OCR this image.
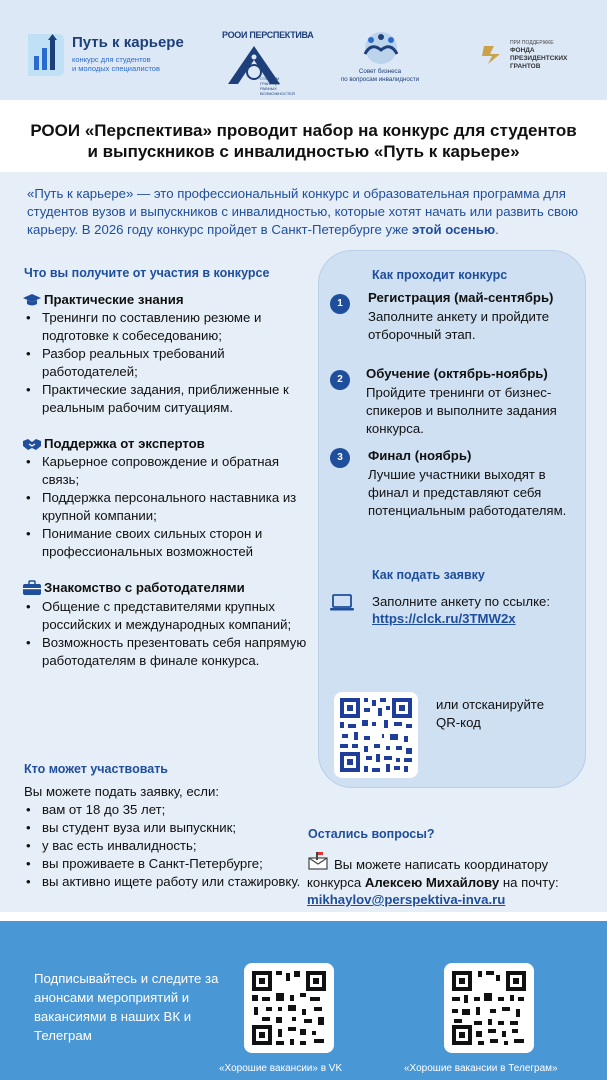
Путь к карьере
конкурс для студентов
и молодых специалистов
РООИ ПЕРСПЕКТИВА
СТИРАЕМ ГРАНИЦЫ РАВНЫХ ВОЗМОЖНОСТЕЙ
Совет бизнеса
по вопросам инвалидности
ПРИ ПОДДЕРЖКЕ
ФОНДА
ПРЕЗИДЕНТСКИХ
ГРАНТОВ
РООИ «Перспектива» проводит набор на конкурс для студентов
и выпускников с инвалидностью «Путь к карьере»
«Путь к карьере» — это профессиональный конкурс и образовательная программа для студентов вузов и выпускников с инвалидностью, которые хотят начать или развить свою карьеру. В 2026 году конкурс пройдет в Санкт-Петербурге уже этой осенью.
Что вы получите от участия в конкурсе
Практические знания
• Тренинги по составлению резюме и подготовке к собеседованию;
• Разбор реальных требований работодателей;
• Практические задания, приближенные к реальным рабочим ситуациям.
Поддержка от экспертов
• Карьерное сопровождение и обратная связь;
• Поддержка персонального наставника из крупной компании;
• Понимание своих сильных сторон и профессиональных возможностей
Знакомство с работодателями
• Общение с представителями крупных российских и международных компаний;
• Возможность презентовать себя напрямую работодателям в финале конкурса.
Как проходит конкурс
1	Регистрация (май-сентябрь)
Заполните анкету и пройдите отборочный этап.
2	Обучение (октябрь-ноябрь)
Пройдите тренинги от бизнес-спикеров и выполните задания конкурса.
3	Финал (ноябрь)
Лучшие участники выходят в финал и представляют себя потенциальным работодателям.
Как подать заявку
Заполните анкету по ссылке:
https://clck.ru/3TMW2x
или отсканируйте QR-код
Кто может участвовать
Вы можете подать заявку, если:
• вам от 18 до 35 лет;
• вы студент вуза или выпускник;
• у вас есть инвалидность;
• вы проживаете в Санкт-Петербурге;
• вы активно ищете работу или стажировку.
Остались вопросы?
Вы можете написать координатору
конкурса Алексею Михайлову на почту:
mikhaylov@perspektiva-inva.ru
Подписывайтесь и следите за анонсами мероприятий и вакансиями в наших ВК и Телеграм
«Хорошие вакансии» в VK	«Хорошие вакансии в Телеграм»
